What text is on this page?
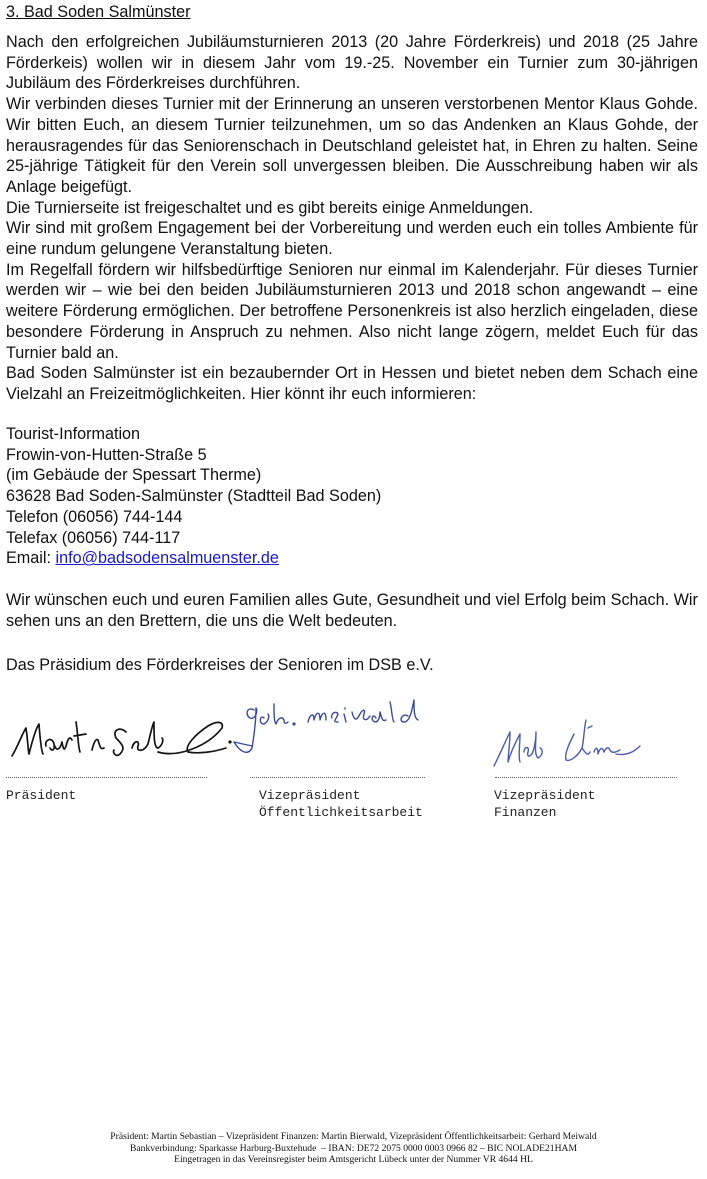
3. Bad Soden Salmünster

Nach den erfolgreichen Jubiläumsturnieren 2013 (20 Jahre Förderkreis) und 2018 (25 Jahre Förderkeis) wollen wir in diesem Jahr vom 19.-25. November ein Turnier zum 30-jährigen Jubiläum des Förderkreises durchführen.

Wir verbinden dieses Turnier mit der Erinnerung an unseren verstorbenen Mentor Klaus Gohde. Wir bitten Euch, an diesem Turnier teilzunehmen, um so das Andenken an Klaus Gohde, der herausragendes für das Seniorenschach in Deutschland geleistet hat, in Ehren zu halten. Seine 25-jährige Tätigkeit für den Verein soll unvergessen bleiben. Die Ausschreibung haben wir als Anlage beigefügt.

Die Turnierseite ist freigeschaltet und es gibt bereits einige Anmeldungen.

Wir sind mit großem Engagement bei der Vorbereitung und werden euch ein tolles Ambiente für eine rundum gelungene Veranstaltung bieten.

Im Regelfall fördern wir hilfsbedürftige Senioren nur einmal im Kalenderjahr. Für dieses Turnier werden wir – wie bei den beiden Jubiläumsturnieren 2013 und 2018 schon angewandt – eine weitere Förderung ermöglichen. Der betroffene Personenkreis ist also herzlich eingeladen, diese besondere Förderung in Anspruch zu nehmen. Also nicht lange zögern, meldet Euch für das Turnier bald an.

Bad Soden Salmünster ist ein bezaubernder Ort in Hessen und bietet neben dem Schach eine Vielzahl an Freizeitmöglichkeiten. Hier könnt ihr euch informieren:

Tourist-Information
Frowin-von-Hutten-Straße 5
(im Gebäude der Spessart Therme)
63628 Bad Soden-Salmünster (Stadtteil Bad Soden)
Telefon (06056) 744-144
Telefax (06056) 744-117
Email: info@badsodensalmuenster.de

Wir wünschen euch und euren Familien alles Gute, Gesundheit und viel Erfolg beim Schach. Wir sehen uns an den Brettern, die uns die Welt bedeuten.

Das Präsidium des Förderkreises der Senioren im DSB e.V.
Präsident	Vizepräsident
Öffentlichkeitsarbeit
Vizepräsident
Finanzen
Präsident: Martin Sebastian – Vizepräsident Finanzen: Martin Bierwald, Vizepräsident Öffentlichkeitsarbeit: Gerhard Meiwald
Bankverbindung: Sparkasse Harburg-Buxtehude  – IBAN: DE72 2075 0000 0003 0966 82 – BIC NOLADE21HAM
Eingetragen in das Vereinsregister beim Amtsgericht Lübeck unter der Nummer VR 4644 HL
